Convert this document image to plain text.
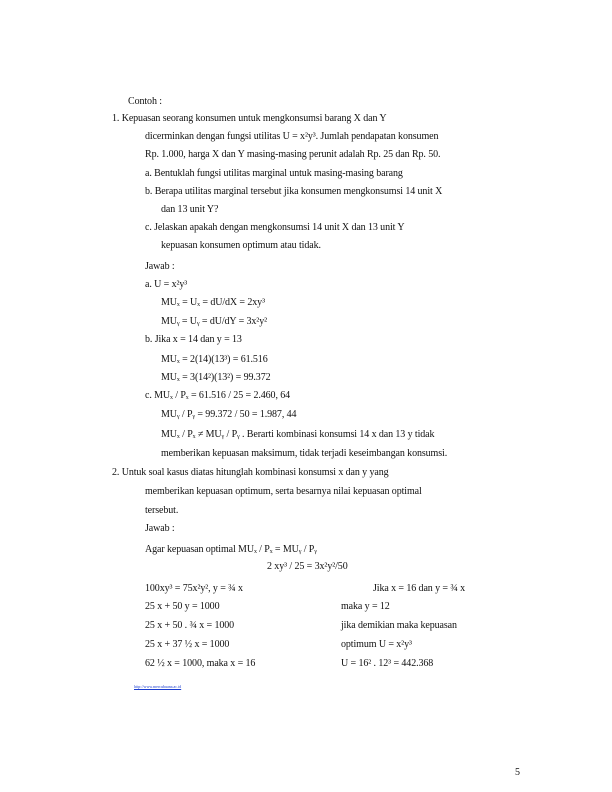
Contoh :
1. Kepuasan seorang konsumen untuk mengkonsumsi barang X dan Y
dicerminkan dengan fungsi utilitas U = x²y³. Jumlah pendapatan konsumen
Rp. 1.000, harga X dan Y masing-masing perunit adalah Rp. 25 dan Rp. 50.
a. Bentuklah fungsi utilitas marginal untuk masing-masing barang
b. Berapa utilitas marginal tersebut jika konsumen mengkonsumsi 14 unit X
dan 13 unit Y?
c. Jelaskan apakah dengan mengkonsumsi 14 unit X dan 13 unit Y
kepuasan konsumen optimum atau tidak.
Jawab :
a. U = x²y³
MUₓ = Uₓ = dU/dX = 2xy³
MUᵧ = Uᵧ = dU/dY = 3x²y²
b. Jika x = 14 dan y = 13
MUₓ = 2(14)(13³) = 61.516
MUₓ = 3(14²)(13²) = 99.372
c. MUₓ / Pₓ = 61.516 / 25 = 2.460, 64
MUᵧ / Pᵧ = 99.372 / 50 = 1.987, 44
MUₓ / Pₓ ≠ MUᵧ / Pᵧ . Berarti kombinasi konsumsi 14 x dan 13 y tidak
memberikan kepuasan maksimum, tidak terjadi keseimbangan konsumsi.
2. Untuk soal kasus diatas hitunglah kombinasi konsumsi x dan y yang
memberikan kepuasan optimum, serta besarnya nilai kepuasan optimal
tersebut.
Jawab :
Agar kepuasan optimal MUₓ / Pₓ = MUᵧ / Pᵧ
2 xy³ / 25 = 3x²y²/50
100xy³ = 75x²y², y = ¾ x
25 x + 50 y = 1000
25 x + 50 . ¾ x = 1000
25 x + 37 ½ x = 1000
62 ½ x = 1000, maka x = 16
Jika x = 16 dan y = ¾ x
maka y = 12
jika demikian maka kepuasan
optimum U = x²y³
U = 16² . 12³ = 442.368
http://www.mercubuana.ac.id
5
